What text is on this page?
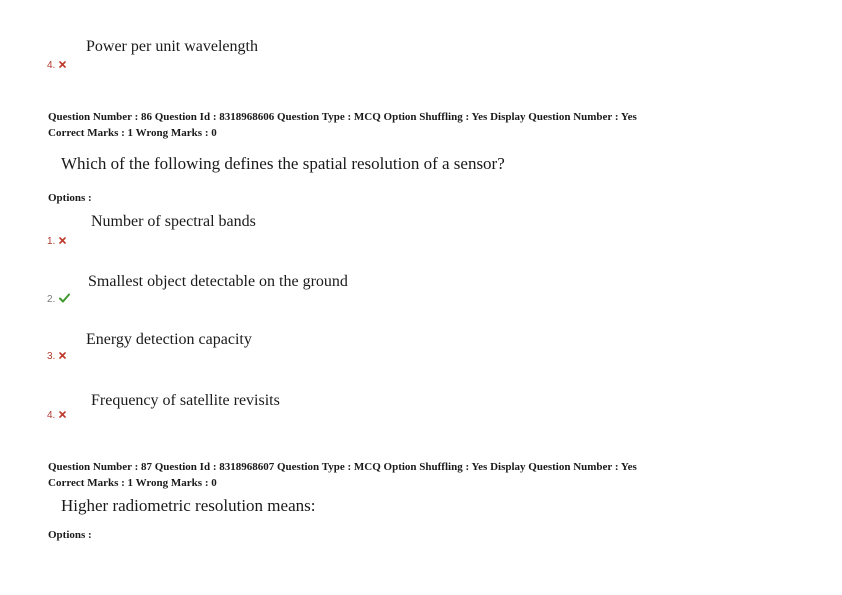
Power per unit wavelength
4.
Question Number : 86 Question Id : 8318968606 Question Type : MCQ Option Shuffling : Yes Display Question Number : Yes
Correct Marks : 1 Wrong Marks : 0
Which of the following defines the spatial resolution of a sensor?
Options :
Number of spectral bands
1.
Smallest object detectable on the ground
2.
Energy detection capacity
3.
Frequency of satellite revisits
4.
Question Number : 87 Question Id : 8318968607 Question Type : MCQ Option Shuffling : Yes Display Question Number : Yes
Correct Marks : 1 Wrong Marks : 0
Higher radiometric resolution means:
Options :
